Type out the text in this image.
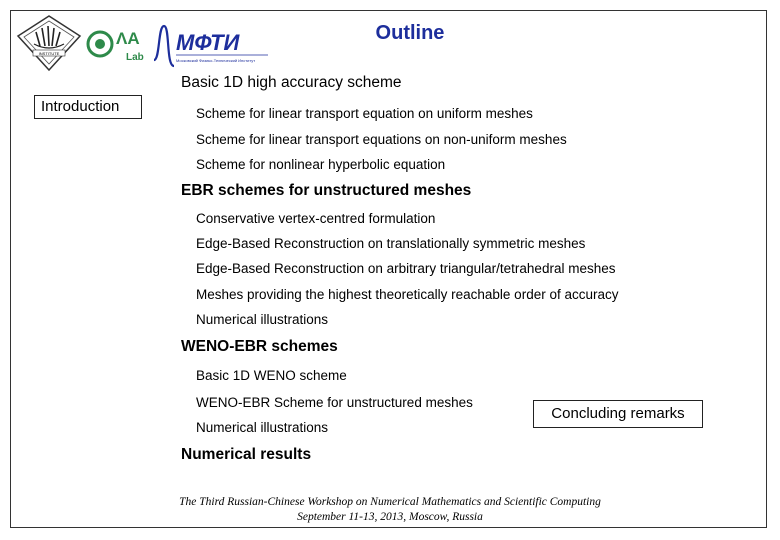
INSTITUTE
ΛA
Lab
МФТИ
Московский Физико-Технический Институт
Outline
Introduction
Concluding remarks
Basic 1D high accuracy scheme
Scheme for linear transport equation on uniform meshes
Scheme for linear transport equations on non-uniform meshes
Scheme for nonlinear hyperbolic equation
EBR schemes for unstructured meshes
Conservative vertex-centred formulation
Edge-Based Reconstruction on translationally symmetric meshes
Edge-Based Reconstruction on arbitrary triangular/tetrahedral meshes
Meshes providing the highest theoretically reachable order of accuracy
Numerical illustrations
WENO-EBR schemes
Basic 1D WENO scheme
WENO-EBR Scheme for unstructured meshes
Numerical illustrations
Numerical results
The Third Russian-Chinese Workshop on Numerical Mathematics and Scientific Computing
September 11-13, 2013, Moscow, Russia
